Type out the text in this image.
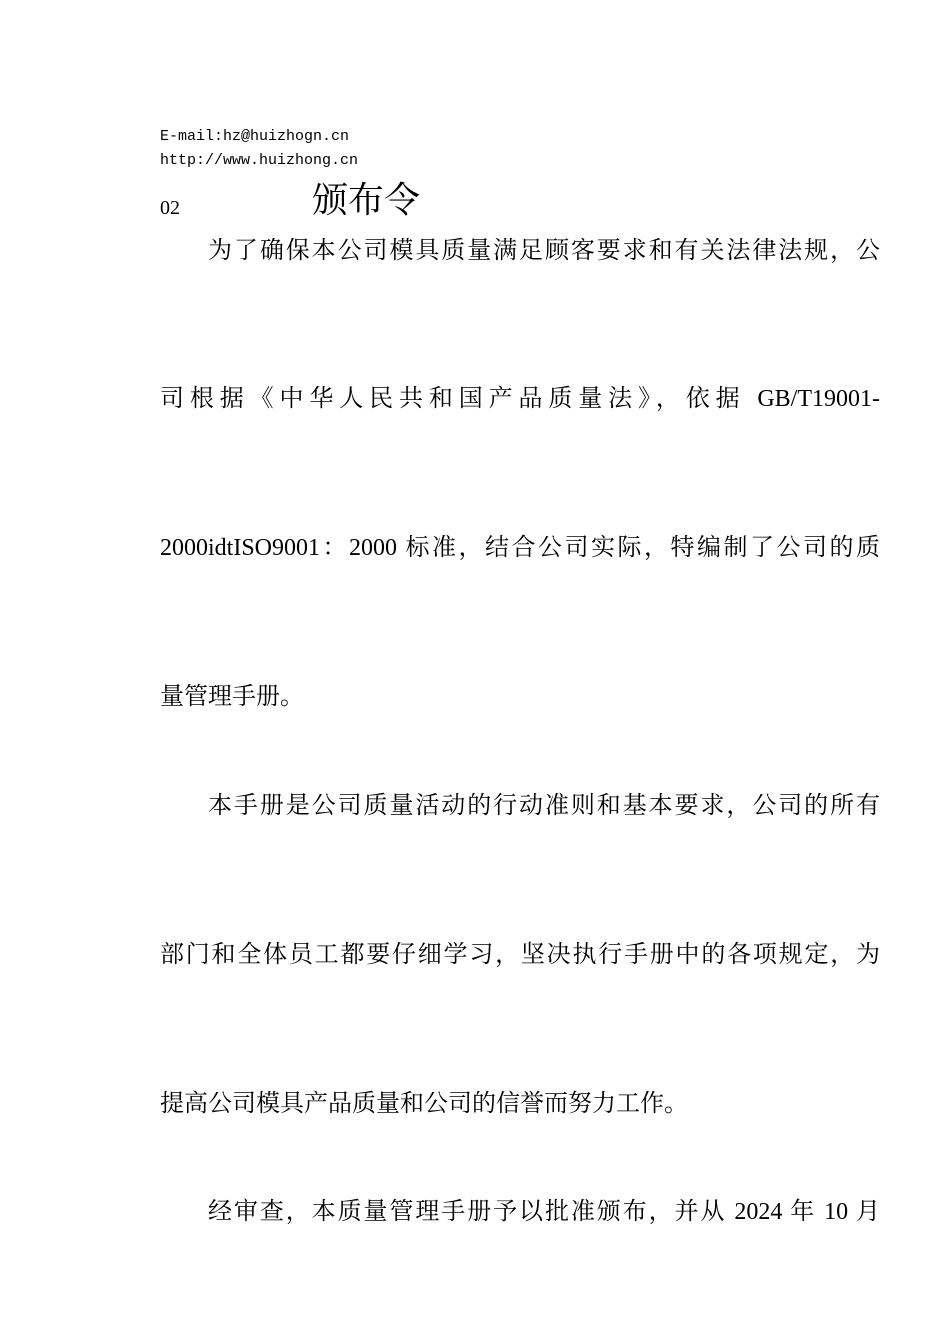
E-mail:hz@huizhogn.cn
http://www.huizhong.cn
02	颁布令
为了确保本公司模具质量满足顾客要求和有关法律法规，公
司根据《中华人民共和国产品质量法》，依据 GB/T19001-
2000idtISO9001：2000 标准，结合公司实际，特编制了公司的质
量管理手册。
本手册是公司质量活动的行动准则和基本要求，公司的所有
部门和全体员工都要仔细学习，坚决执行手册中的各项规定，为
提高公司模具产品质量和公司的信誉而努力工作。
经审查，本质量管理手册予以批准颁布，并从 2024 年 10 月
